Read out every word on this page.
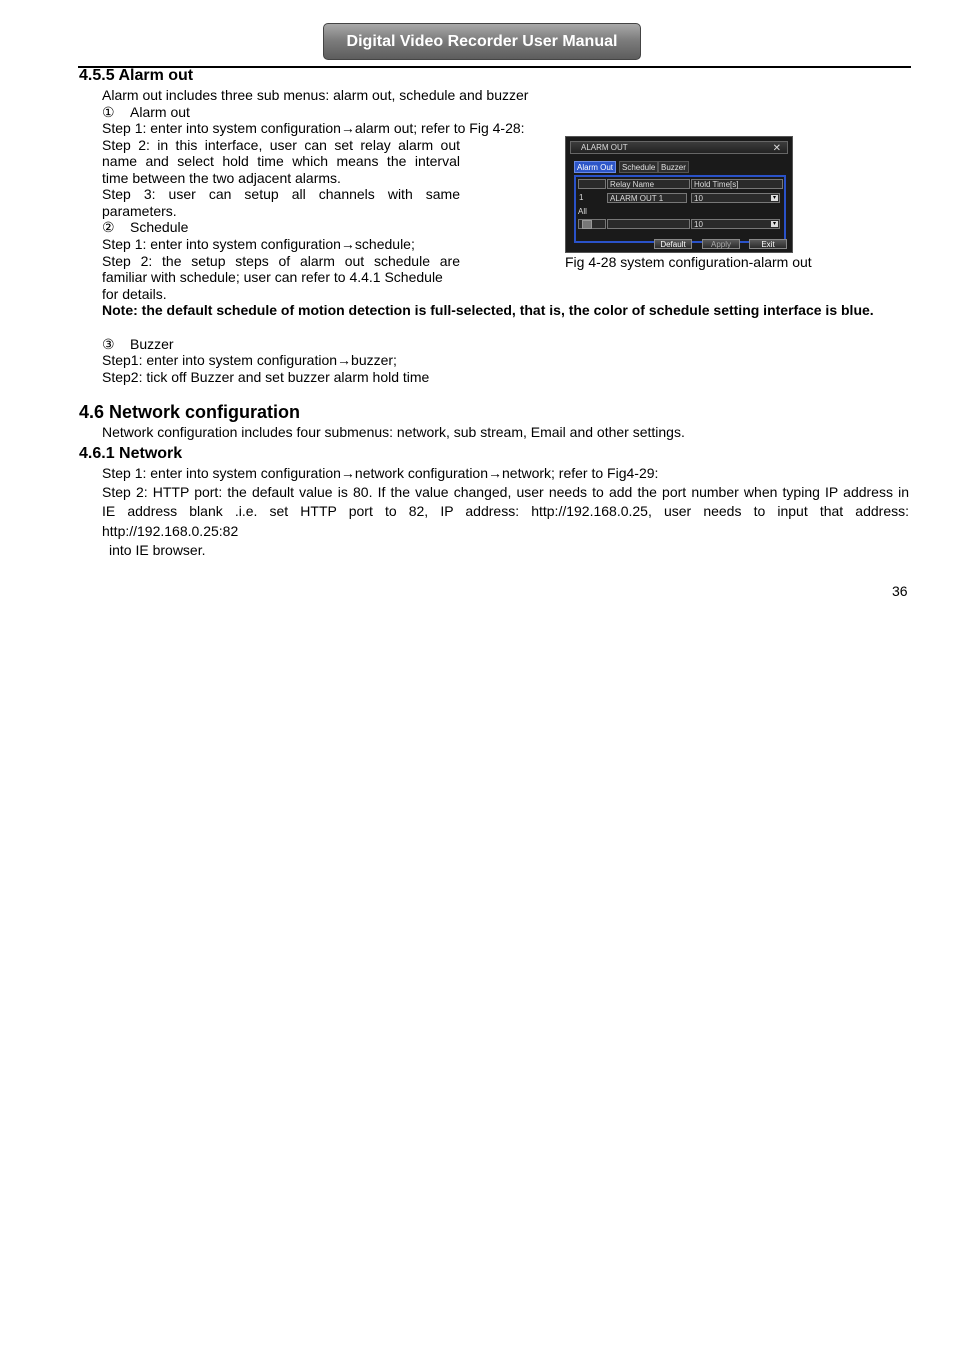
Digital Video Recorder User Manual
4.5.5 Alarm out
Alarm out includes three sub menus: alarm out, schedule and buzzer
① Alarm out
Step 1: enter into system configuration→alarm out; refer to Fig 4-28:
Step 2: in this interface, user can set relay alarm out
name and select hold time which means the interval
time between the two adjacent alarms.
Step 3: user can setup all channels with same
parameters.
② Schedule
Step 1: enter into system configuration→schedule;
Step 2: the setup steps of alarm out schedule are
familiar with schedule; user can refer to 4.4.1 Schedule
for details.
Note: the default schedule of motion detection is full-selected, that is, the color of schedule setting interface is blue.
③ Buzzer
Step1: enter into system configuration→buzzer;
Step2: tick off Buzzer and set buzzer alarm hold time
ALARM OUT	✕
Alarm Out	Schedule Buzzer
Relay Name	Hold Time[s]
1	ALARM OUT 1	10	▾
All
10	▾
Default	Apply	Exit
Fig 4-28 system configuration-alarm out
4.6 Network configuration
Network configuration includes four submenus: network, sub stream, Email and other settings.
4.6.1 Network
Step 1: enter into system configuration→network configuration→network; refer to Fig4-29:
Step 2: HTTP port: the default value is 80. If the value changed, user needs to add the port number when typing IP address in
IE address blank .i.e. set HTTP port to 82, IP address: http://192.168.0.25, user needs to input that address:
http://192.168.0.25:82
into IE browser.
36
